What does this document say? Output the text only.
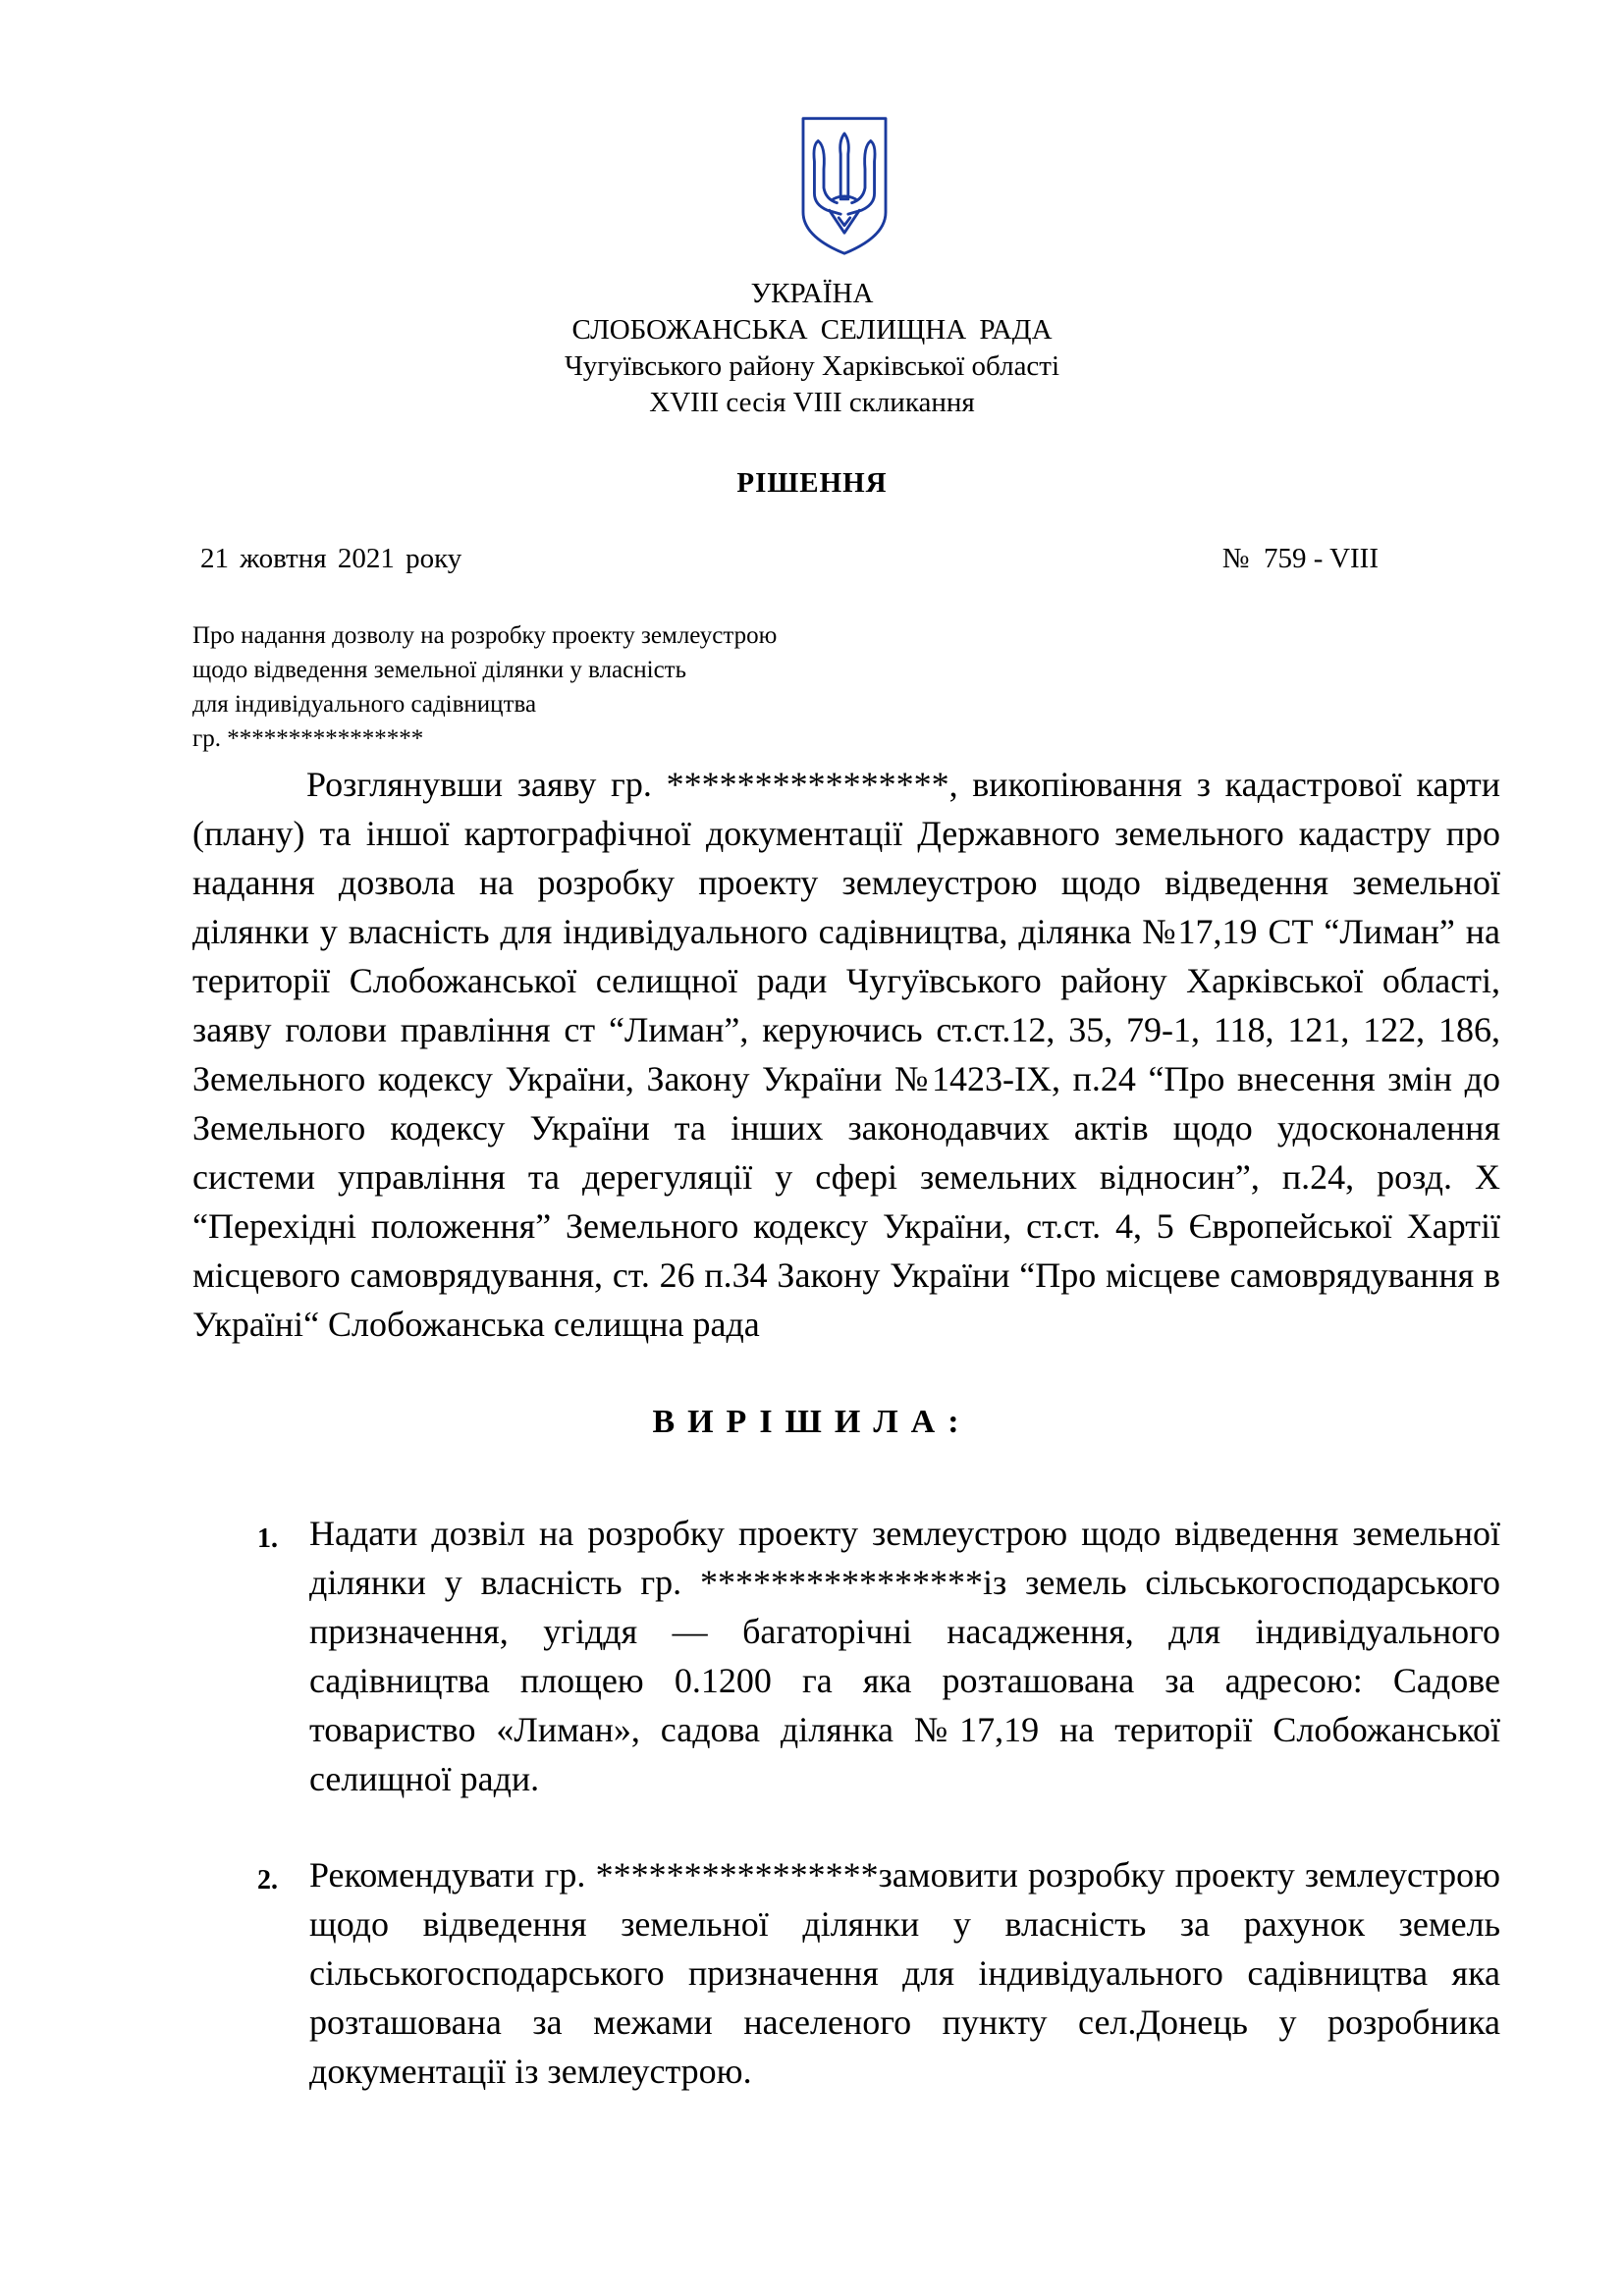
УКРАЇНА
СЛОБОЖАНСЬКА СЕЛИЩНА РАДА
Чугуївського району Харківської області
XVIII сесія VIII скликання
РІШЕННЯ
21 жовтня 2021 року	№  759 - VIII
Про надання дозволу на розробку проекту землеустрою
щодо відведення земельної ділянки у власність
для індивідуального садівництва
гр. ****************

Розглянувши заяву гр. ****************, викопіювання з кадастрової карти (плану) та іншої картографічної документації Державного земельного кадастру про надання дозвола на розробку проекту землеустрою щодо відведення земельної ділянки у власність для індивідуального садівництва, ділянка №17,19 СТ “Лиман” на території Слобожанської селищної ради Чугуївського району Харківської області, заяву голови правління ст “Лиман”, керуючись ст.ст.12, 35, 79-1, 118, 121, 122, 186, Земельного кодексу України, Закону України №1423-IX, п.24 “Про внесення змін до Земельного кодексу України та інших законодавчих актів щодо удосконалення системи управління та дерегуляції у сфері земельних відносин”, п.24, розд. X “Перехідні положення” Земельного кодексу України, ст.ст. 4, 5 Європейської Хартії місцевого самоврядування, ст. 26 п.34 Закону України “Про місцеве самоврядування в Україні“ Слобожанська селищна рада

ВИРІШИЛА:
1. Надати дозвіл на розробку проекту землеустрою щодо відведення земельної ділянки у власність гр. ****************із земель сільськогосподарського призначення, угіддя — багаторічні насадження, для індивідуального садівництва площею 0.1200 га яка розташована за адресою: Садове товариство «Лиман», садова ділянка №17,19 на території Слобожанської селищної ради.

2. Рекомендувати гр. ****************замовити розробку проекту землеустрою щодо відведення земельної ділянки у власність за рахунок земель сільськогосподарського призначення для індивідуального садівництва яка розташована за межами населеного пункту сел.Донець у розробника документації із землеустрою.
